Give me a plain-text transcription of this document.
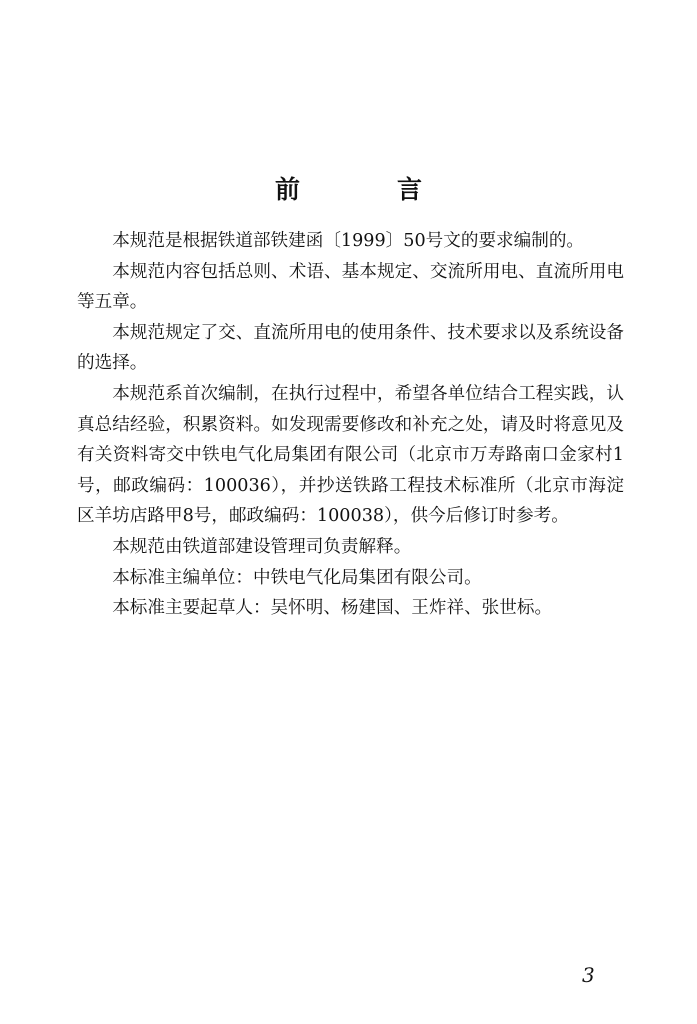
前　言

本规范是根据铁道部铁建函〔1999〕50号文的要求编制的。

本规范内容包括总则、术语、基本规定、交流所用电、直流所用电等五章。

本规范规定了交、直流所用电的使用条件、技术要求以及系统设备的选择。

本规范系首次编制，在执行过程中，希望各单位结合工程实践，认真总结经验，积累资料。如发现需要修改和补充之处，请及时将意见及有关资料寄交中铁电气化局集团有限公司（北京市万寿路南口金家村1号，邮政编码：100036），并抄送铁路工程技术标准所（北京市海淀区羊坊店路甲8号，邮政编码：100038），供今后修订时参考。

本规范由铁道部建设管理司负责解释。

本标准主编单位：中铁电气化局集团有限公司。

本标准主要起草人：吴怀明、杨建国、王炸祥、张世标。

3
